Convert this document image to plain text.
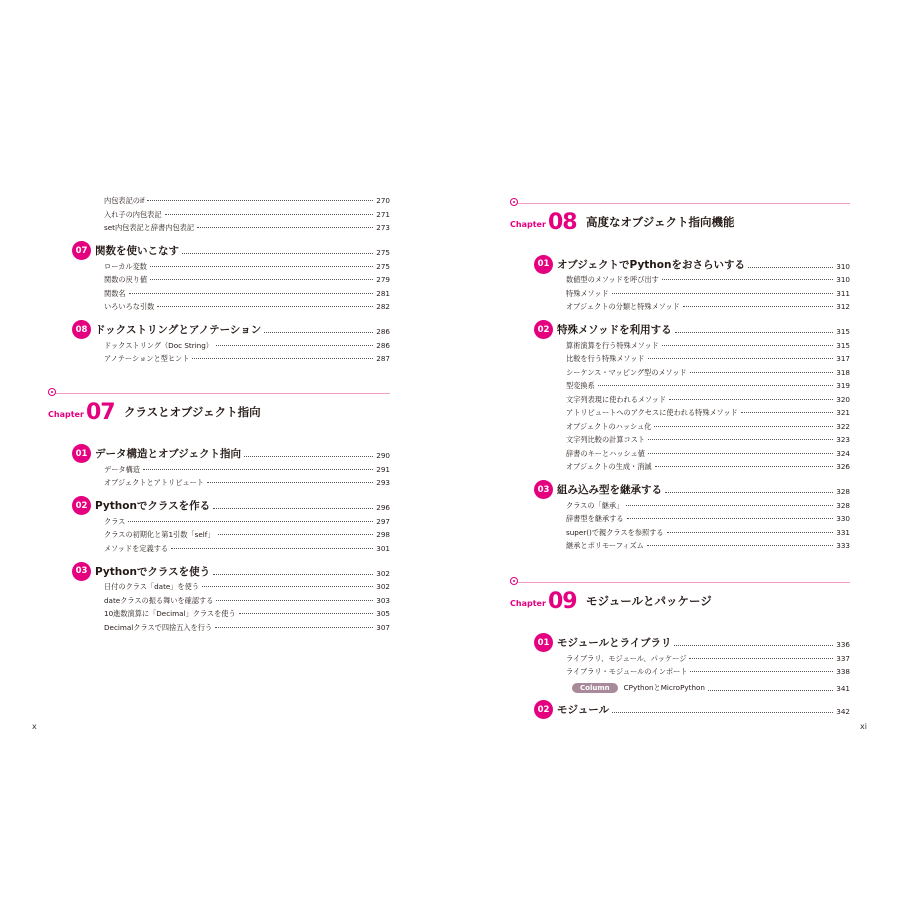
内包表記のif	270
入れ子の内包表記	271
set内包表記と辞書内包表記	273
07 関数を使いこなす	275
ローカル変数	275
関数の戻り値	279
関数名	281
いろいろな引数	282
08 ドックストリングとアノテーション	286
ドックストリング（Doc String）	286
アノテーションと型ヒント	287
Chapter 07 クラスとオブジェクト指向
01 データ構造とオブジェクト指向	290
データ構造	291
オブジェクトとアトリビュート	293
02 Pythonでクラスを作る	296
クラス	297
クラスの初期化と第1引数「self」	298
メソッドを定義する	301
03 Pythonでクラスを使う	302
日付のクラス「date」を使う	302
dateクラスの振る舞いを確認する	303
10進数演算に「Decimal」クラスを使う	305
Decimalクラスで四捨五入を行う	307
Chapter 08 高度なオブジェクト指向機能
01 オブジェクトでPythonをおさらいする	310
数値型のメソッドを呼び出す	310
特殊メソッド	311
オブジェクトの分類と特殊メソッド	312
02 特殊メソッドを利用する	315
算術演算を行う特殊メソッド	315
比較を行う特殊メソッド	317
シーケンス・マッピング型のメソッド	318
型変換系	319
文字列表現に使われるメソッド	320
アトリビュートへのアクセスに使われる特殊メソッド	321
オブジェクトのハッシュ化	322
文字列比較の計算コスト	323
辞書のキーとハッシュ値	324
オブジェクトの生成・消滅	326
03 組み込み型を継承する	328
クラスの「継承」	328
辞書型を継承する	330
super()で親クラスを参照する	331
継承とポリモーフィズム	333
Chapter 09 モジュールとパッケージ
01 モジュールとライブラリ	336
ライブラリ、モジュール、パッケージ	337
ライブラリ・モジュールのインポート	338
Column	CPythonとMicroPython	341
02 モジュール	342
x	xi
